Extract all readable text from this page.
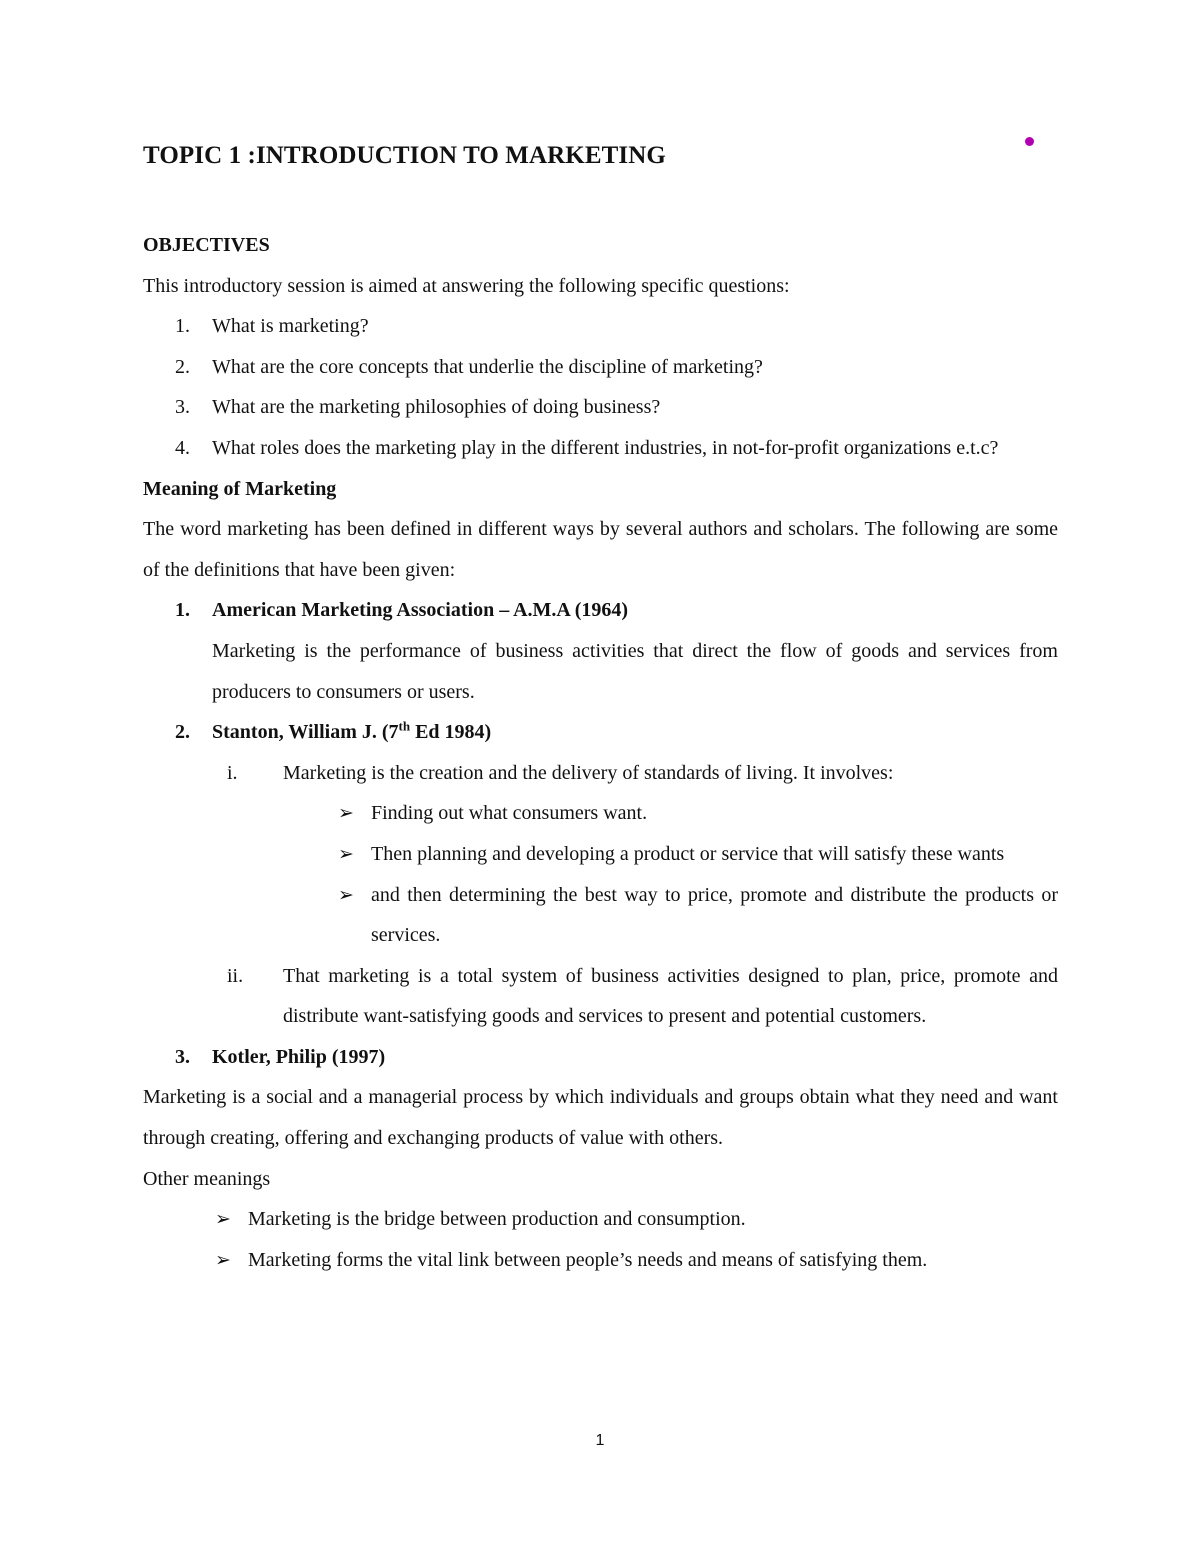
TOPIC 1 :INTRODUCTION TO MARKETING

OBJECTIVES

This introductory session is aimed at answering the following specific questions:

1. What is marketing?

2. What are the core concepts that underlie the discipline of marketing?

3. What are the marketing philosophies of doing business?

4. What roles does the marketing play in the different industries, in not-for-profit organizations e.t.c?

Meaning of Marketing

The word marketing has been defined in different ways by several authors and scholars. The following are some of the definitions that have been given:

1. American Marketing Association – A.M.A (1964)

Marketing is the performance of business activities that direct the flow of goods and services from producers to consumers or users.

2. Stanton, William J. (7th Ed 1984)

i. Marketing is the creation and the delivery of standards of living. It involves:

➢ Finding out what consumers want.

➢ Then planning and developing a product or service that will satisfy these wants

➢ and then determining the best way to price, promote and distribute the products or services.

ii. That marketing is a total system of business activities designed to plan, price, promote and distribute want-satisfying goods and services to present and potential customers.

3. Kotler, Philip (1997)

Marketing is a social and a managerial process by which individuals and groups obtain what they need and want through creating, offering and exchanging products of value with others.

Other meanings

➢ Marketing is the bridge between production and consumption.

➢ Marketing forms the vital link between people’s needs and means of satisfying them.

1
